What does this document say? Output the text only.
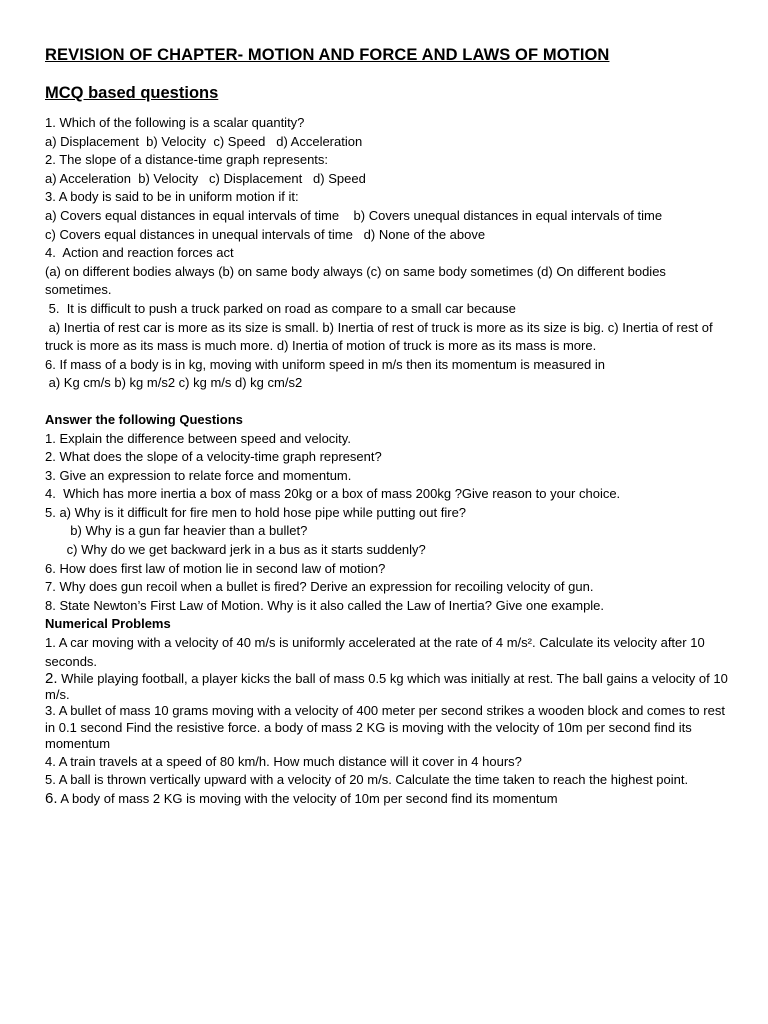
REVISION OF CHAPTER- MOTION AND FORCE AND LAWS OF MOTION
MCQ based questions

1. Which of the following is a scalar quantity?

a) Displacement  b) Velocity  c) Speed   d) Acceleration

2. The slope of a distance-time graph represents:

a) Acceleration  b) Velocity   c) Displacement   d) Speed

3. A body is said to be in uniform motion if it:

a) Covers equal distances in equal intervals of time    b) Covers unequal distances in equal intervals of time

c) Covers equal distances in unequal intervals of time   d) None of the above

4.  Action and reaction forces act

(a) on different bodies always (b) on same body always (c) on same body sometimes (d) On different bodies sometimes.

5.  It is difficult to push a truck parked on road as compare to a small car because

a) Inertia of rest car is more as its size is small. b) Inertia of rest of truck is more as its size is big. c) Inertia of rest of truck is more as its mass is much more. d) Inertia of motion of truck is more as its mass is more.

6. If mass of a body is in kg, moving with uniform speed in m/s then its momentum is measured in

a) Kg cm/s b) kg m/s2 c) kg m/s d) kg cm/s2

Answer the following Questions

1. Explain the difference between speed and velocity.

2. What does the slope of a velocity-time graph represent?

3. Give an expression to relate force and momentum.

4.  Which has more inertia a box of mass 20kg or a box of mass 200kg ?Give reason to your choice.

5. a) Why is it difficult for fire men to hold hose pipe while putting out fire?

b) Why is a gun far heavier than a bullet?

c) Why do we get backward jerk in a bus as it starts suddenly?

6. How does first law of motion lie in second law of motion?

7. Why does gun recoil when a bullet is fired? Derive an expression for recoiling velocity of gun.

8. State Newton’s First Law of Motion. Why is it also called the Law of Inertia? Give one example.

Numerical Problems

1. A car moving with a velocity of 40 m/s is uniformly accelerated at the rate of 4 m/s². Calculate its velocity after 10 seconds.

2. While playing football, a player kicks the ball of mass 0.5 kg which was initially at rest. The ball gains a velocity of 10 m/s.

3. A bullet of mass 10 grams moving with a velocity of 400 meter per second strikes a wooden block and comes to rest in 0.1 second Find the resistive force. a body of mass 2 KG is moving with the velocity of 10m per second find its momentum

4. A train travels at a speed of 80 km/h. How much distance will it cover in 4 hours?

5. A ball is thrown vertically upward with a velocity of 20 m/s. Calculate the time taken to reach the highest point.

6. A body of mass 2 KG is moving with the velocity of 10m per second find its momentum
